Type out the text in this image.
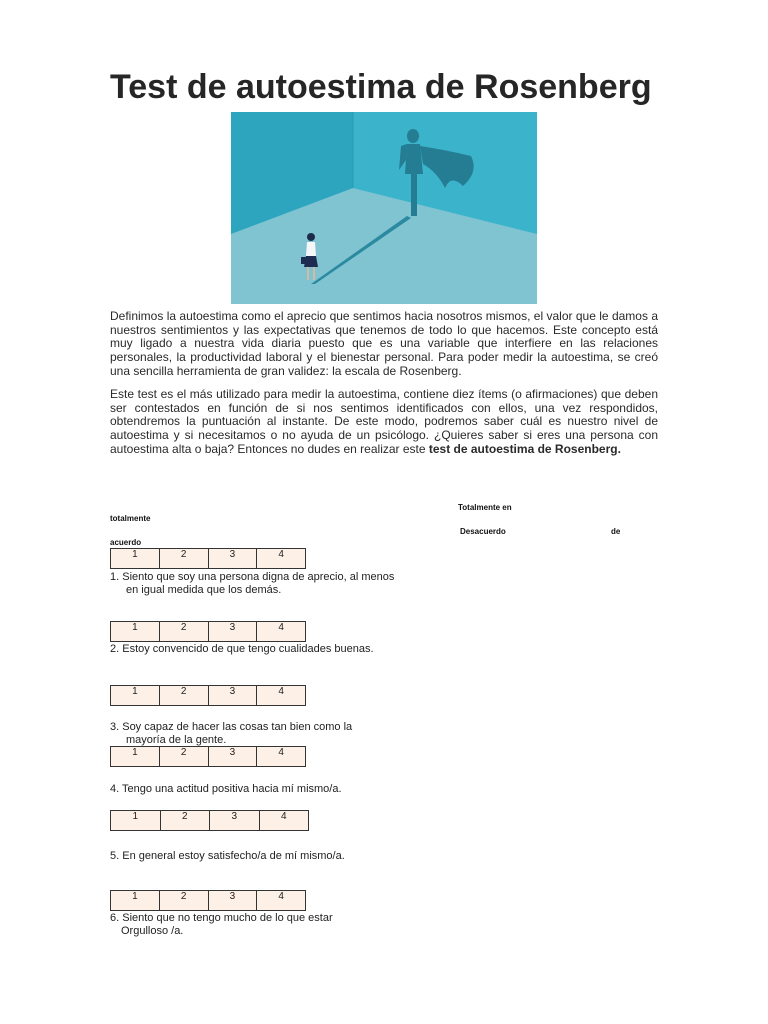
Test de autoestima de Rosenberg

Definimos la autoestima como el aprecio que sentimos hacia nosotros mismos, el valor que le damos a nuestros sentimientos y las expectativas que tenemos de todo lo que hacemos. Este concepto está muy ligado a nuestra vida diaria puesto que es una variable que interfiere en las relaciones personales, la productividad laboral y el bienestar personal. Para poder medir la autoestima, se creó una sencilla herramienta de gran validez: la escala de Rosenberg.

Este test es el más utilizado para medir la autoestima, contiene diez ítems (o afirmaciones) que deben ser contestados en función de si nos sentimos identificados con ellos, una vez respondidos, obtendremos la puntuación al instante. De este modo, podremos saber cuál es nuestro nivel de autoestima y si necesitamos o no ayuda de un psicólogo. ¿Quieres saber si eres una persona con autoestima alta o baja? Entonces no dudes en realizar este test de autoestima de Rosenberg.

totalmente
acuerdo
Totalmente en
Desacuerdo	de
1	2	3	4

1. Siento que soy una persona digna de aprecio, al menos
en igual medida que los demás.

1	2	3	4

2. Estoy convencido de que tengo cualidades buenas.

1	2	3	4

3. Soy capaz de hacer las cosas tan bien como la
mayoría de la gente.

1	2	3	4

4. Tengo una actitud positiva hacia mí mismo/a.

1	2	3	4

5. En general estoy satisfecho/a de mí mismo/a.

1	2	3	4

6. Siento que no tengo mucho de lo que estar
Orgulloso /a.
